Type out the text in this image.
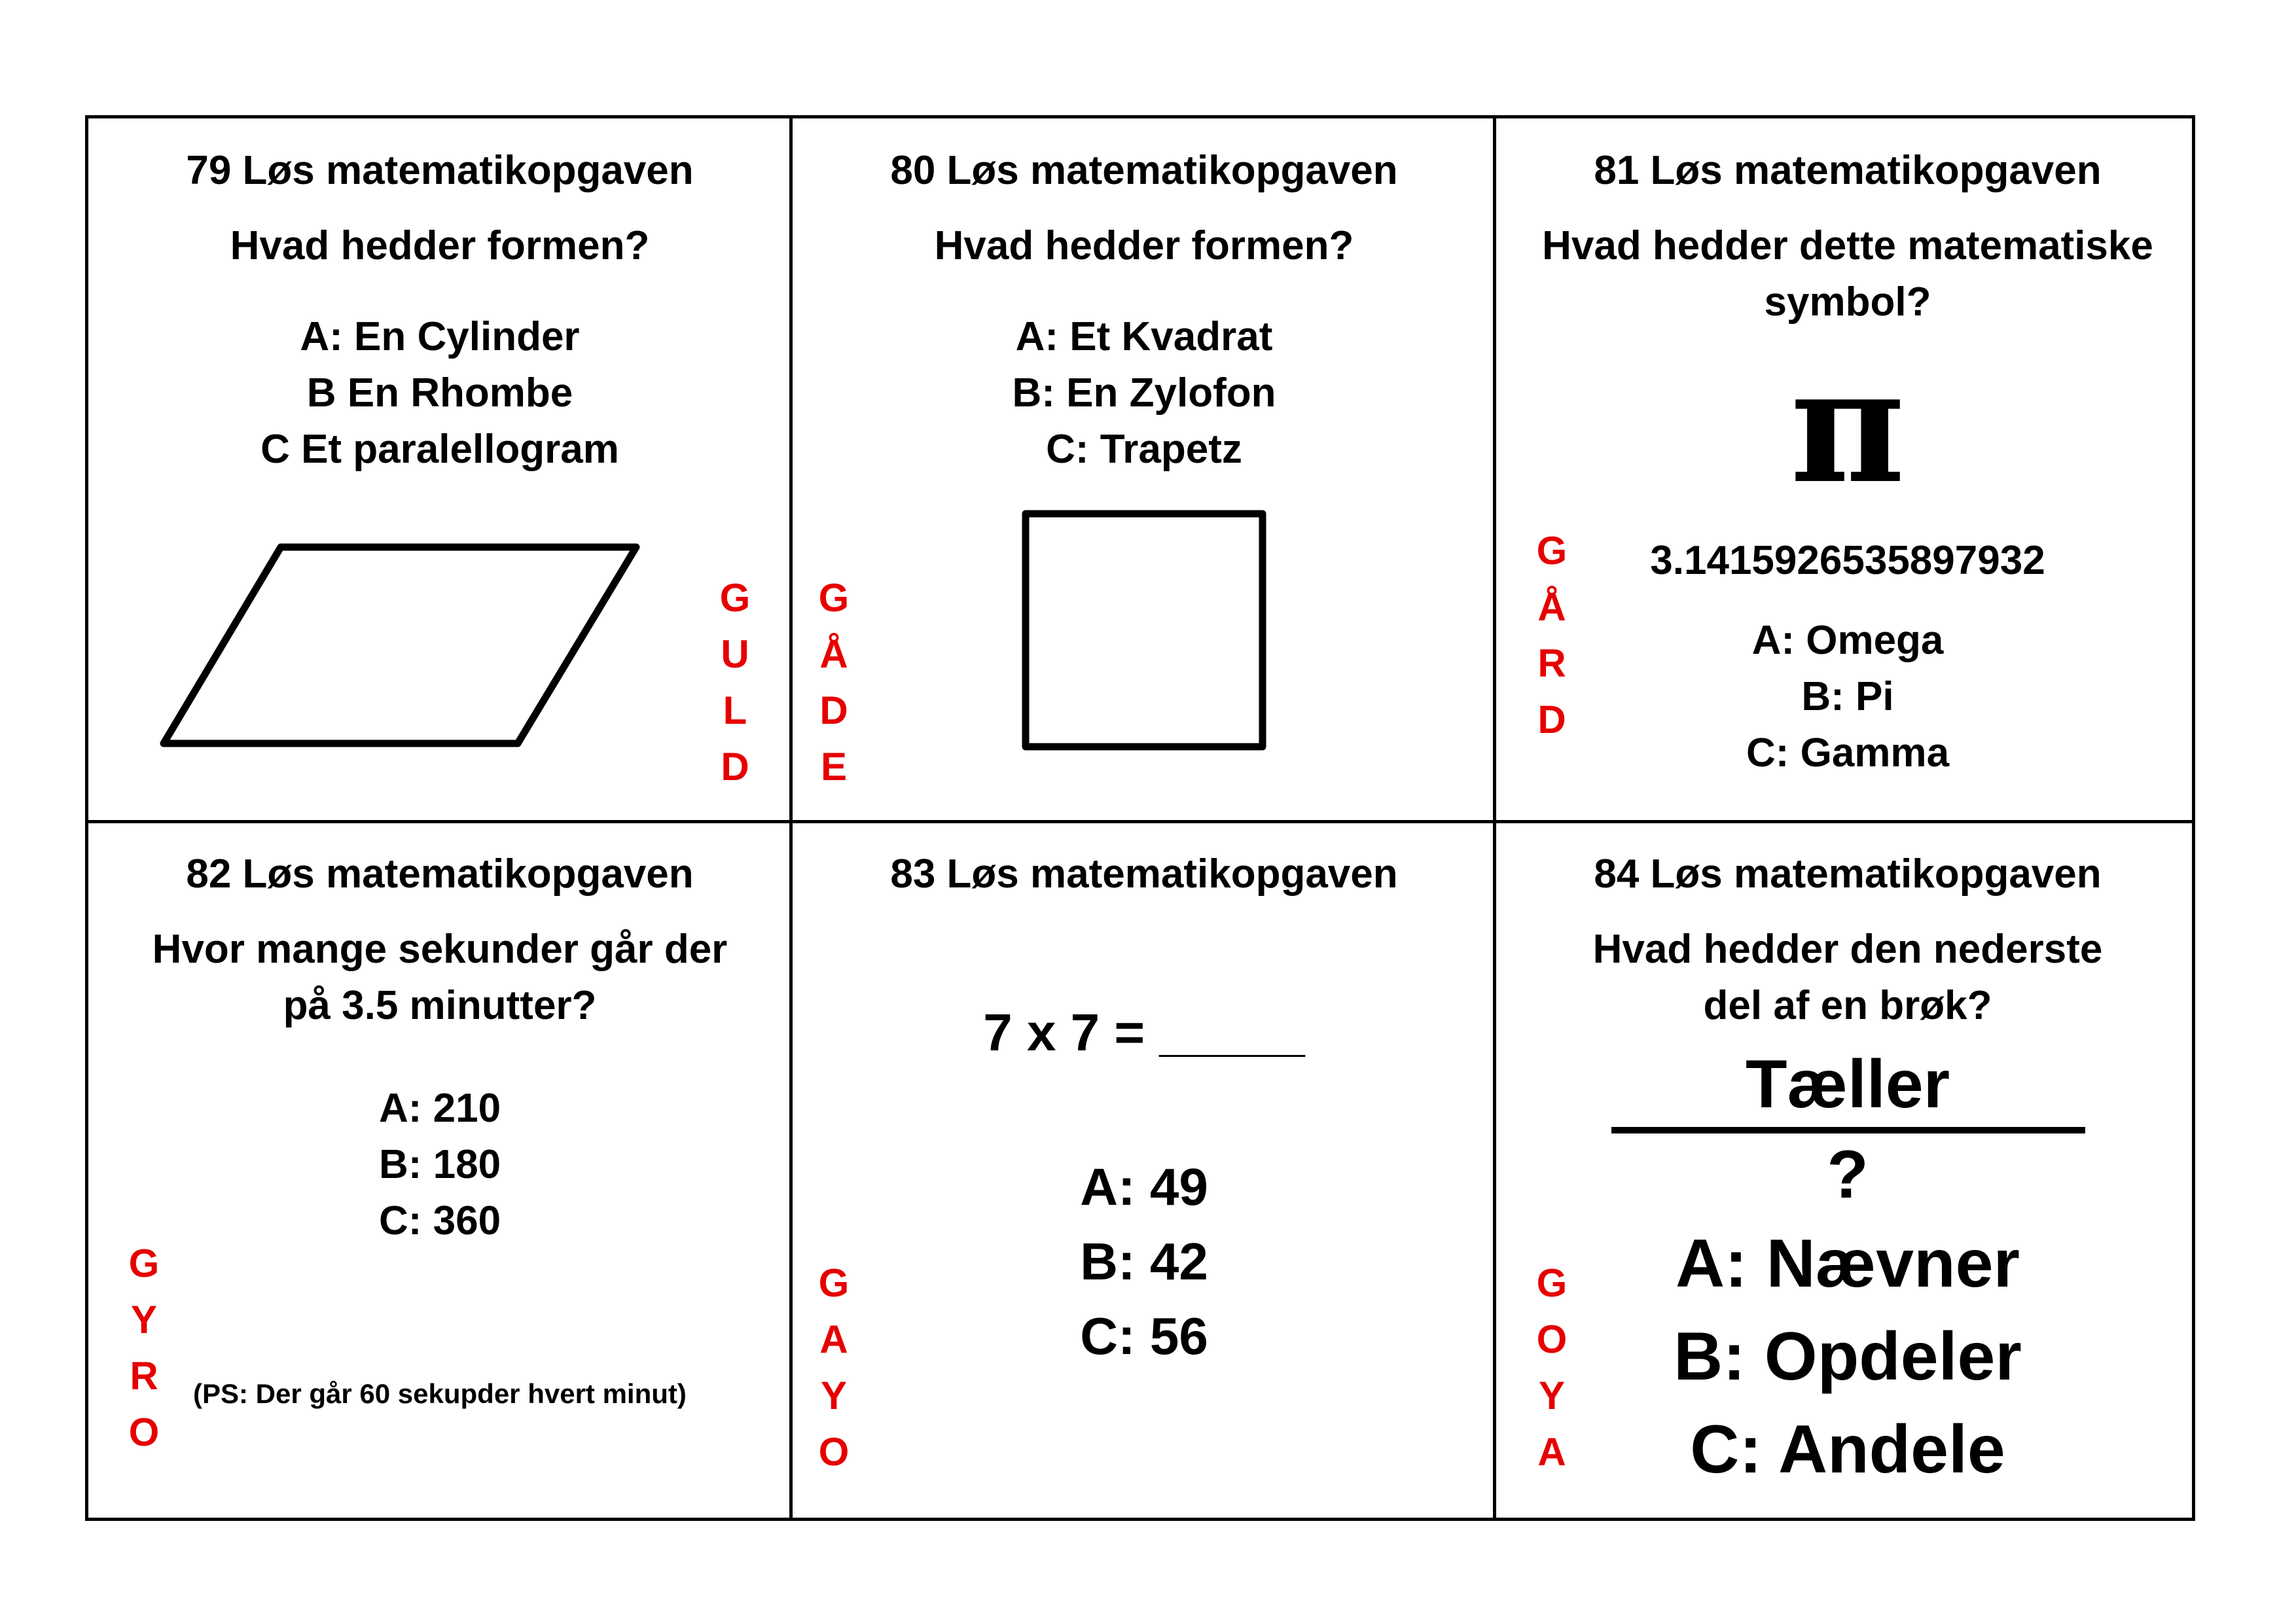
79 Løs matematikopgaven
Hvad hedder formen?
A: En Cylinder
B En Rhombe
C Et paralellogram
G
U
L
D
80 Løs matematikopgaven
Hvad hedder formen?
A: Et Kvadrat
B: En Zylofon
C: Trapetz
G
Å
D
E
81 Løs matematikopgaven
Hvad hedder dette matematiske
symbol?
π
3.1415926535897932
A: Omega
B: Pi
C: Gamma
G
Å
R
D
82 Løs matematikopgaven
Hvor mange sekunder går der
på 3.5 minutter?
A: 210
B: 180
C: 360
(PS: Der går 60 sekupder hvert minut)
G
Y
R
O
83 Løs matematikopgaven
7 x 7 = _____
A: 49
B: 42
C: 56
G
A
Y
O
84 Løs matematikopgaven
Hvad hedder den nederste
del af en brøk?
Tæller
?
A: Nævner
B: Opdeler
C: Andele
G
O
Y
A
